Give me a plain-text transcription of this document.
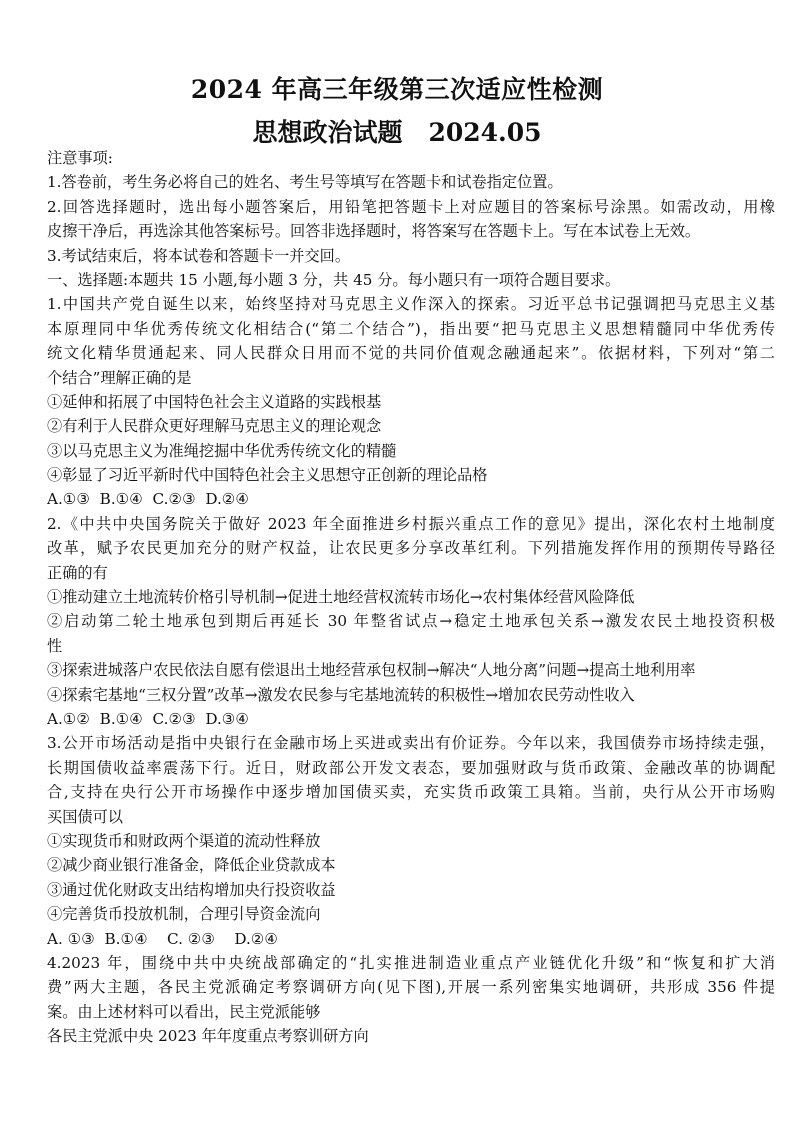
2024 年高三年级第三次适应性检测
思想政治试题 2024.05
注意事项:
1.答卷前，考生务必将自己的姓名、考生号等填写在答题卡和试卷指定位置。
2.回答选择题时，选出每小题答案后，用铅笔把答题卡上对应题目的答案标号涂黑。如需改动，用橡
皮擦干净后，再选涂其他答案标号。回答非选择题时，将答案写在答题卡上。写在本试卷上无效。
3.考试结束后，将本试卷和答题卡一并交回。
一、选择题:本题共 15 小题,每小题 3 分，共 45 分。每小题只有一项符合题目要求。
1.中国共产党自诞生以来，始终坚持对马克思主义作深入的探索。习近平总书记强调把马克思主义基
本原理同中华优秀传统文化相结合(“第二个结合”)，指出要“把马克思主义思想精髓同中华优秀传
统文化精华贯通起来、同人民群众日用而不觉的共同价值观念融通起来”。依据材料，下列对“第二
个结合”理解正确的是
①延伸和拓展了中国特色社会主义道路的实践根基
②有利于人民群众更好理解马克思主义的理论观念
③以马克思主义为准绳挖掘中华优秀传统文化的精髓
④彰显了习近平新时代中国特色社会主义思想守正创新的理论品格
A.①③  B.①④  C.②③  D.②④
2.《中共中央国务院关于做好 2023 年全面推进乡村振兴重点工作的意见》提出，深化农村土地制度
改革，赋予农民更加充分的财产权益，让农民更多分享改革红利。下列措施发挥作用的预期传导路径
正确的有
①推动建立土地流转价格引导机制→促进土地经营权流转市场化→农村集体经营风险降低
②启动第二轮土地承包到期后再延长 30 年整省试点→稳定土地承包关系→激发农民土地投资积极
性
③探索进城落户农民依法自愿有偿退出土地经营承包权制→解决“人地分离”问题→提高土地利用率
④探索宅基地“三权分置”改革→激发农民参与宅基地流转的积极性→增加农民劳动性收入
A.①②  B.①④  C.②③  D.③④
3.公开市场活动是指中央银行在金融市场上买进或卖出有价证券。今年以来，我国债券市场持续走强，
长期国债收益率震荡下行。近日，财政部公开发文表态，要加强财政与货币政策、金融改革的协调配
合,支持在央行公开市场操作中逐步增加国债买卖，充实货币政策工具箱。当前，央行从公开市场购
买国债可以
①实现货币和财政两个渠道的流动性释放
②减少商业银行准备金，降低企业贷款成本
③通过优化财政支出结构增加央行投资收益
④完善货币投放机制，合理引导资金流向
A. ①③  B.①④    C. ②③    D.②④
4.2023 年，围绕中共中央统战部确定的“扎实推进制造业重点产业链优化升级”和“恢复和扩大消
费”两大主题，各民主党派确定考察调研方向(见下图),开展一系列密集实地调研，共形成 356 件提
案。由上述材料可以看出，民主党派能够
各民主党派中央 2023 年年度重点考察训研方向
